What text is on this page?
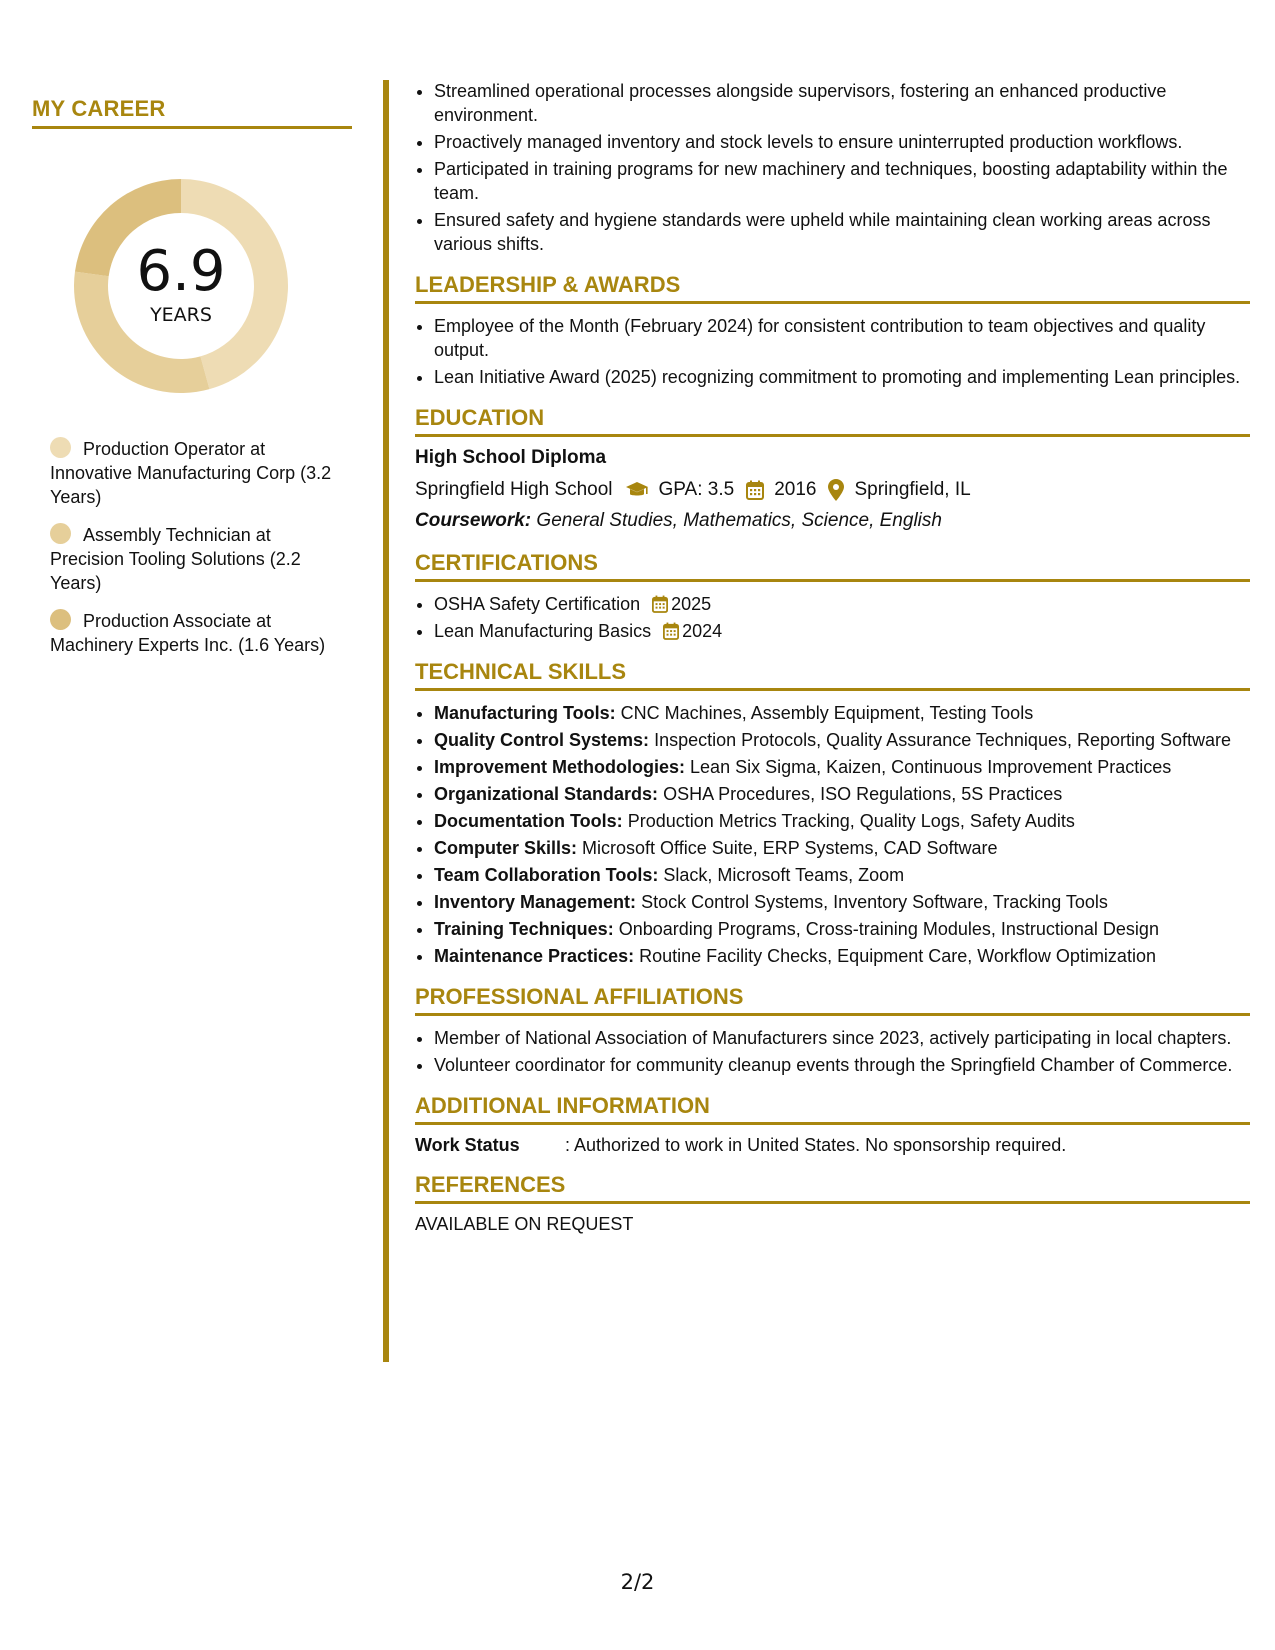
MY CAREER
6.9
YEARS
Production Operator at Innovative Manufacturing Corp (3.2 Years)
Assembly Technician at Precision Tooling Solutions (2.2 Years)
Production Associate at Machinery Experts Inc. (1.6 Years)
• Streamlined operational processes alongside supervisors, fostering an enhanced productive environment.
• Proactively managed inventory and stock levels to ensure uninterrupted production workflows.
• Participated in training programs for new machinery and techniques, boosting adaptability within the team.
• Ensured safety and hygiene standards were upheld while maintaining clean working areas across various shifts.
LEADERSHIP & AWARDS
• Employee of the Month (February 2024) for consistent contribution to team objectives and quality output.
• Lean Initiative Award (2025) recognizing commitment to promoting and implementing Lean principles.
EDUCATION
High School Diploma
Springfield High School GPA: 3.5 2016 Springfield, IL
Coursework: General Studies, Mathematics, Science, English
CERTIFICATIONS
• OSHA Safety Certification 2025
• Lean Manufacturing Basics 2024
TECHNICAL SKILLS
• Manufacturing Tools: CNC Machines, Assembly Equipment, Testing Tools
• Quality Control Systems: Inspection Protocols, Quality Assurance Techniques, Reporting Software
• Improvement Methodologies: Lean Six Sigma, Kaizen, Continuous Improvement Practices
• Organizational Standards: OSHA Procedures, ISO Regulations, 5S Practices
• Documentation Tools: Production Metrics Tracking, Quality Logs, Safety Audits
• Computer Skills: Microsoft Office Suite, ERP Systems, CAD Software
• Team Collaboration Tools: Slack, Microsoft Teams, Zoom
• Inventory Management: Stock Control Systems, Inventory Software, Tracking Tools
• Training Techniques: Onboarding Programs, Cross-training Modules, Instructional Design
• Maintenance Practices: Routine Facility Checks, Equipment Care, Workflow Optimization
PROFESSIONAL AFFILIATIONS
• Member of National Association of Manufacturers since 2023, actively participating in local chapters.
• Volunteer coordinator for community cleanup events through the Springfield Chamber of Commerce.
ADDITIONAL INFORMATION
Work Status	: Authorized to work in United States. No sponsorship required.
REFERENCES
AVAILABLE ON REQUEST
2/2
